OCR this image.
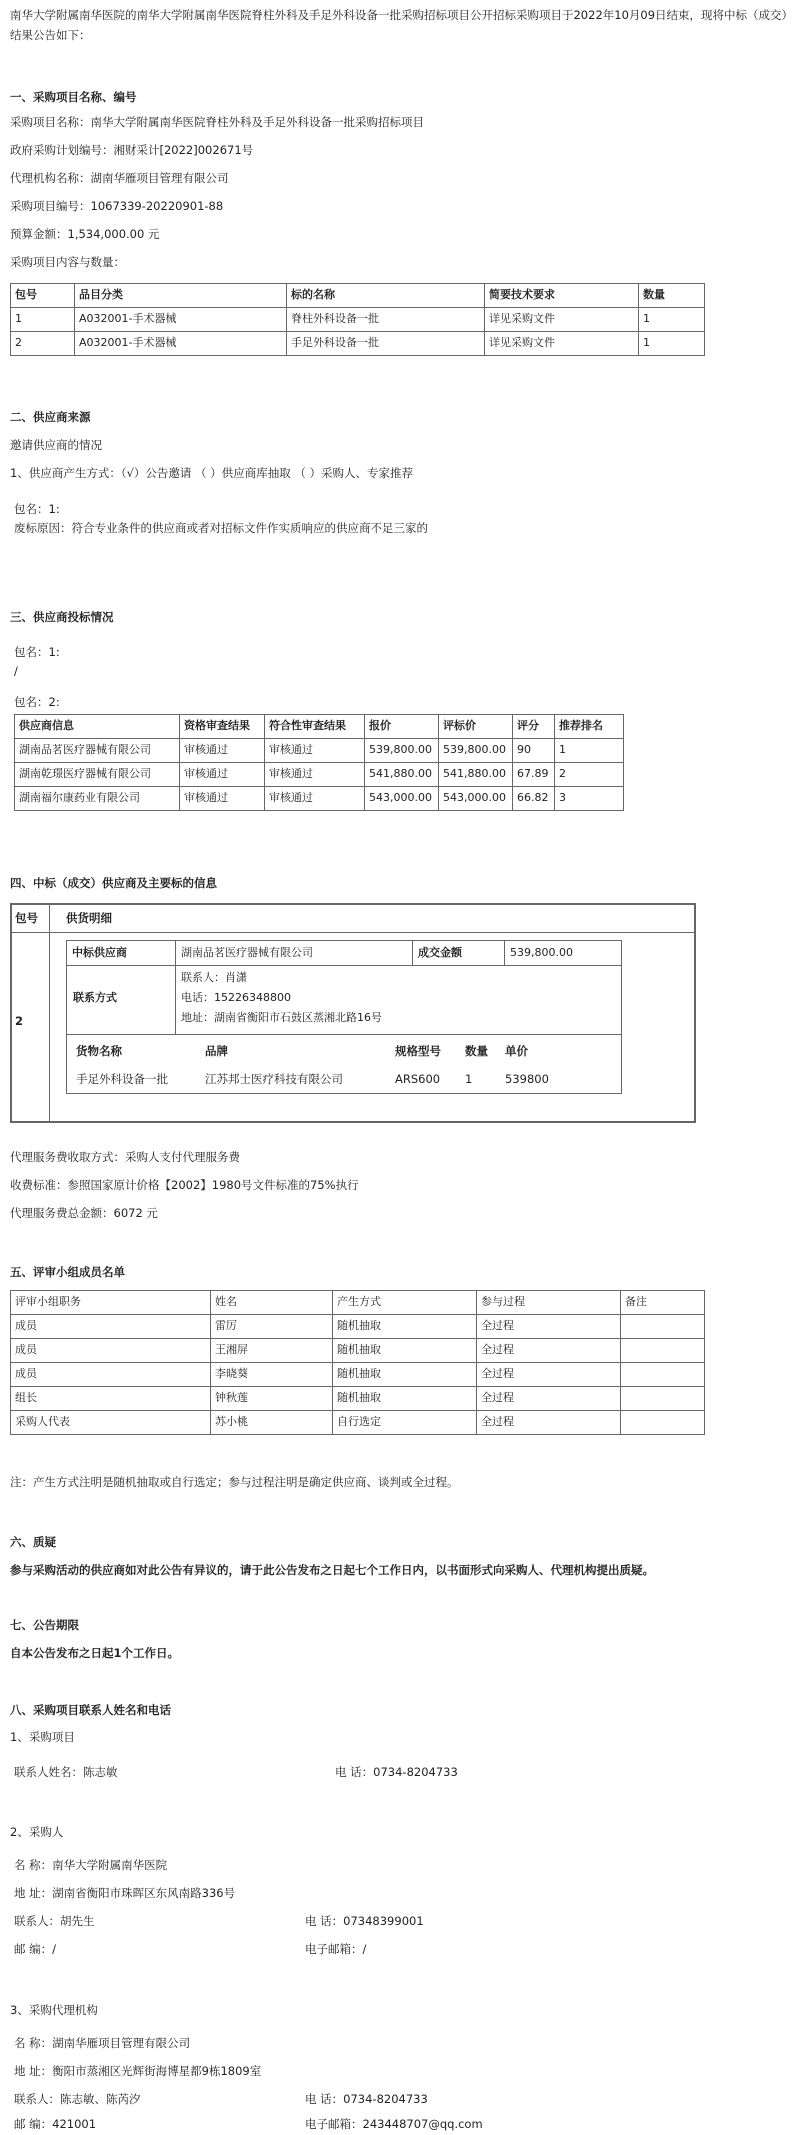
南华大学附属南华医院的南华大学附属南华医院脊柱外科及手足外科设备一批采购招标项目公开招标采购项目于2022年10月09日结束，现将中标（成交）结果公告如下：
一、采购项目名称、编号
采购项目名称：南华大学附属南华医院脊柱外科及手足外科设备一批采购招标项目
政府采购计划编号：湘财采计[2022]002671号
代理机构名称：湖南华雁项目管理有限公司
采购项目编号：1067339-20220901-88
预算金额：1,534,000.00 元
采购项目内容与数量：
包号	品目分类	标的名称	简要技术要求	数量
1	A032001-手术器械	脊柱外科设备一批	详见采购文件	1
2	A032001-手术器械	手足外科设备一批	详见采购文件	1
二、供应商来源
邀请供应商的情况
1、供应商产生方式：（√）公告邀请 （ ）供应商库抽取 （ ）采购人、专家推荐
包名：1:
废标原因：符合专业条件的供应商或者对招标文件作实质响应的供应商不足三家的
三、供应商投标情况
包名：1:
/
包名：2:
供应商信息	资格审查结果	符合性审查结果	报价	评标价	评分	推荐排名
湖南品茗医疗器械有限公司	审核通过	审核通过	539,800.00	539,800.00	90	1
湖南乾璟医疗器械有限公司	审核通过	审核通过	541,880.00	541,880.00	67.89	2
湖南福尔康药业有限公司	审核通过	审核通过	543,000.00	543,000.00	66.82	3
四、中标（成交）供应商及主要标的信息
包号 供货明细
2
中标供应商	湖南品茗医疗器械有限公司	成交金额	539,800.00
联系方式
联系人：肖潇
电话：15226348800
地址：湖南省衡阳市石鼓区蒸湘北路16号
货物名称	品牌	规格型号 数量 单价
手足外科设备一批	江苏邦士医疗科技有限公司	ARS600 1	539800
代理服务费收取方式：采购人支付代理服务费
收费标准：参照国家原计价格【2002】1980号文件标准的75%执行
代理服务费总金额：6072 元
五、评审小组成员名单
评审小组职务	姓名	产生方式	参与过程	备注
成员	雷厉	随机抽取	全过程	
成员	王湘屏	随机抽取	全过程	
成员	李晓葵	随机抽取	全过程	
组长	钟秋莲	随机抽取	全过程	
采购人代表	苏小桃	自行选定	全过程	
注：产生方式注明是随机抽取或自行选定；参与过程注明是确定供应商、谈判或全过程。
六、质疑
参与采购活动的供应商如对此公告有异议的，请于此公告发布之日起七个工作日内，以书面形式向采购人、代理机构提出质疑。
七、公告期限
自本公告发布之日起1个工作日。
八、采购项目联系人姓名和电话
1、采购项目
联系人姓名：陈志敏	电 话：0734-8204733
2、采购人
名 称：南华大学附属南华医院
地 址：湖南省衡阳市珠晖区东风南路336号
联系人：胡先生	电 话：07348399001
邮 编：/	电子邮箱：/
3、采购代理机构
名 称：湖南华雁项目管理有限公司
地 址：衡阳市蒸湘区光辉街海博星都9栋1809室
联系人：陈志敏、陈芮汐	电 话：0734-8204733
邮 编：421001	电子邮箱：243448707@qq.com
